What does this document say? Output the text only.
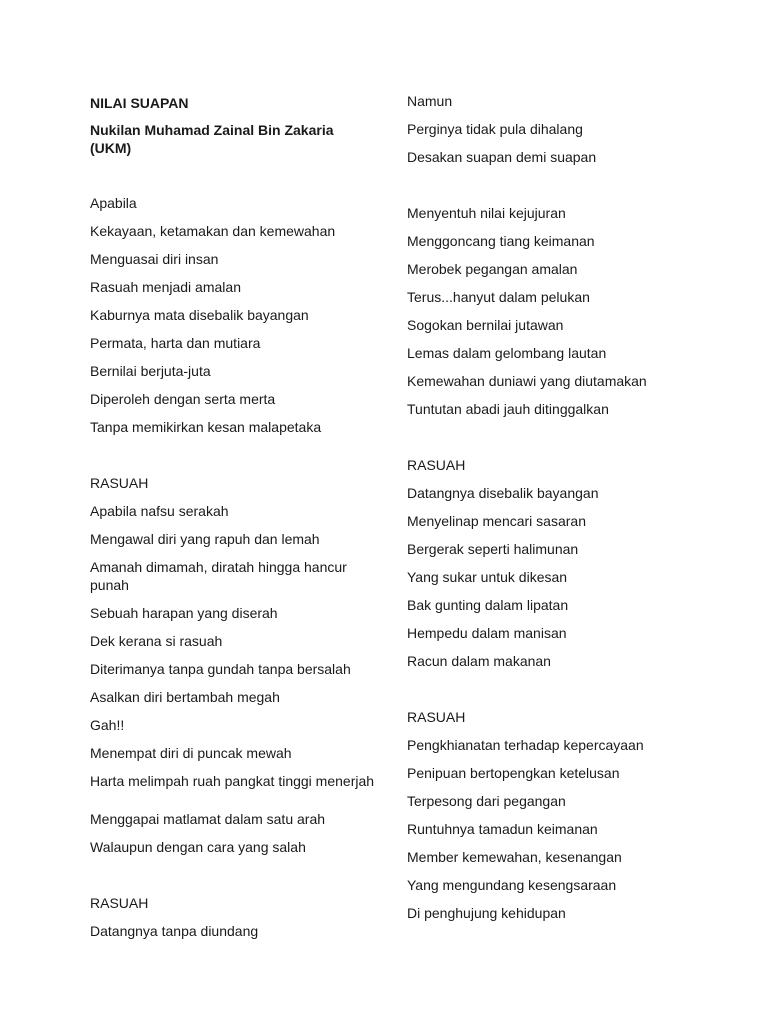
NILAI SUAPAN

Nukilan Muhamad Zainal Bin Zakaria
(UKM)

Apabila

Kekayaan, ketamakan dan kemewahan

Menguasai diri insan

Rasuah menjadi amalan

Kaburnya mata disebalik bayangan

Permata, harta dan mutiara

Bernilai berjuta-juta

Diperoleh dengan serta merta

Tanpa memikirkan kesan malapetaka

RASUAH

Apabila nafsu serakah

Mengawal diri yang rapuh dan lemah

Amanah dimamah, diratah hingga hancur punah

Sebuah harapan yang diserah

Dek kerana si rasuah

Diterimanya tanpa gundah tanpa bersalah

Asalkan diri bertambah megah

Gah!!

Menempat diri di puncak mewah

Harta melimpah ruah pangkat tinggi menerjah

Menggapai matlamat dalam satu arah

Walaupun dengan cara yang salah

RASUAH

Datangnya tanpa diundang

Namun

Perginya tidak pula dihalang

Desakan suapan demi suapan

Menyentuh nilai kejujuran

Menggoncang tiang keimanan

Merobek pegangan amalan

Terus...hanyut dalam pelukan

Sogokan bernilai jutawan

Lemas dalam gelombang lautan

Kemewahan duniawi yang diutamakan

Tuntutan abadi jauh ditinggalkan

RASUAH

Datangnya disebalik bayangan

Menyelinap mencari sasaran

Bergerak seperti halimunan

Yang sukar untuk dikesan

Bak gunting dalam lipatan

Hempedu dalam manisan

Racun dalam makanan

RASUAH

Pengkhianatan terhadap kepercayaan

Penipuan bertopengkan ketelusan

Terpesong dari pegangan

Runtuhnya tamadun keimanan

Member kemewahan, kesenangan

Yang mengundang kesengsaraan

Di penghujung kehidupan
